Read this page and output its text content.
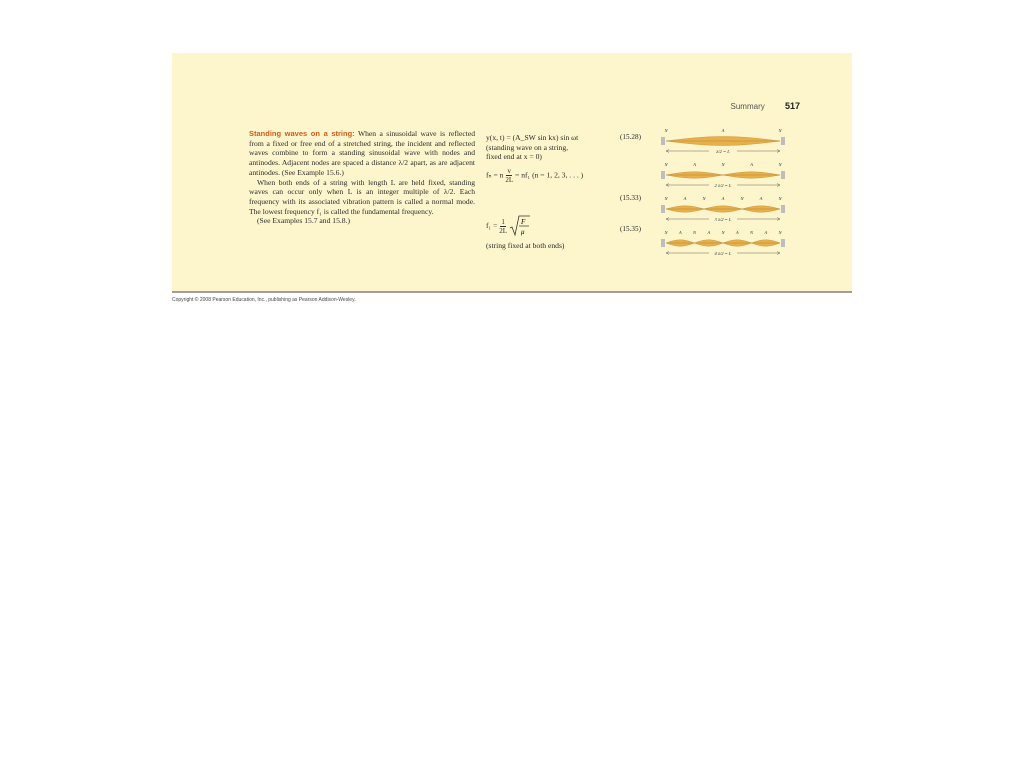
Summary 517

Standing waves on a string: When a sinusoidal wave is reflected from a fixed or free end of a stretched string, the incident and reflected waves combine to form a standing sinusoidal wave with nodes and antinodes. Adjacent nodes are spaced a distance λ/2 apart, as are adjacent antinodes. (See Example 15.6.)

When both ends of a string with length L are held fixed, standing waves can occur only when L is an integer multiple of λ/2. Each frequency with its associated vibration pattern is called a normal mode. The lowest frequency f₁ is called the fundamental frequency.

(See Examples 15.7 and 15.8.)

y(x, t) = (A_SW sin kx) sin ωt
(standing wave on a string,
fixed end at x = 0)
(15.28)
fₙ = n $\frac{v}{2L} = nf_1$ (n = 1, 2, 3, . . . )
(15.33)
$f_1 = \frac{1}{2L}$
F
μ
(string fixed at both ends)
(15.35)
N	A	N
λ/2 = L
N	A	N	A	N
2 λ/2 = L
N	A	N	A	N	A	N
3 λ/2 = L
N A N A N A N A N
4 λ/2 = L
Copyright © 2008 Pearson Education, Inc., publishing as Pearson Addison-Wesley.
